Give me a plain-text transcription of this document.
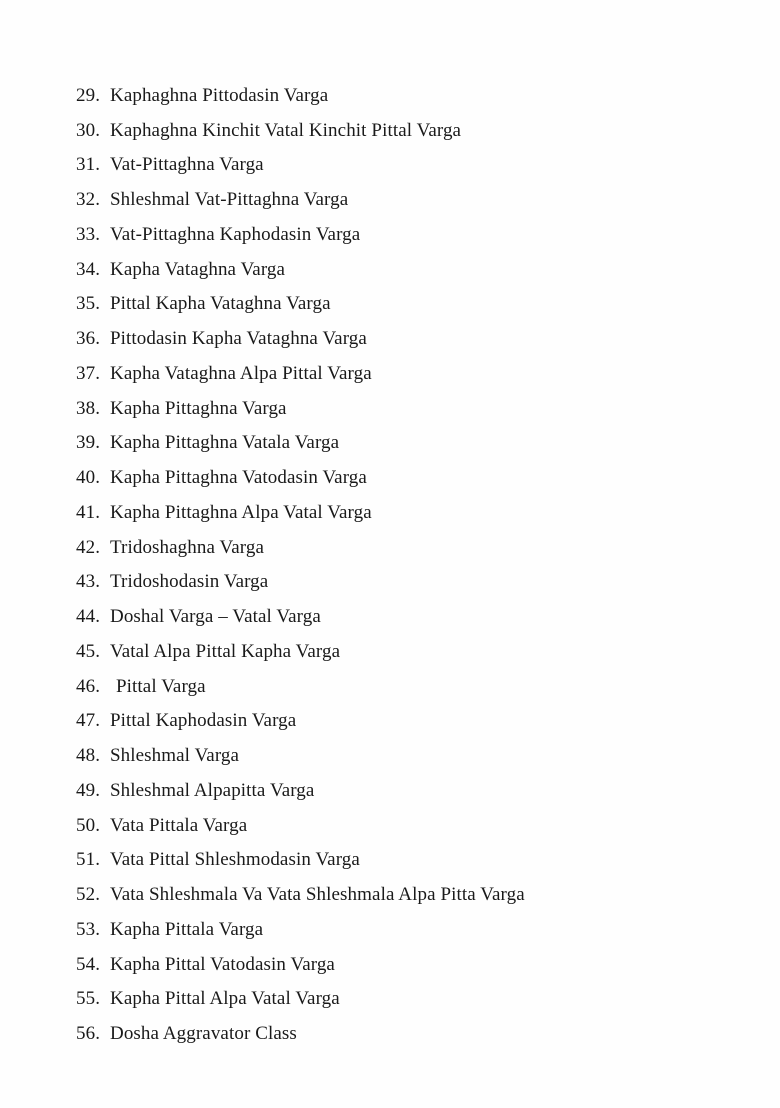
29. Kaphaghna Pittodasin Varga
30. Kaphaghna Kinchit Vatal Kinchit Pittal Varga
31. Vat-Pittaghna Varga
32. Shleshmal Vat-Pittaghna Varga
33. Vat-Pittaghna Kaphodasin Varga
34. Kapha Vataghna Varga
35. Pittal Kapha Vataghna Varga
36. Pittodasin Kapha Vataghna Varga
37. Kapha Vataghna Alpa Pittal Varga
38. Kapha Pittaghna Varga
39. Kapha Pittaghna Vatala Varga
40. Kapha Pittaghna Vatodasin Varga
41. Kapha Pittaghna Alpa Vatal Varga
42. Tridoshaghna Varga
43. Tridoshodasin Varga
44. Doshal Varga – Vatal Varga
45. Vatal Alpa Pittal Kapha Varga
46. Pittal Varga
47. Pittal Kaphodasin Varga
48. Shleshmal Varga
49. Shleshmal Alpapitta Varga
50. Vata Pittala Varga
51. Vata Pittal Shleshmodasin Varga
52. Vata Shleshmala Va Vata Shleshmala Alpa Pitta Varga
53. Kapha Pittala Varga
54. Kapha Pittal Vatodasin Varga
55. Kapha Pittal Alpa Vatal Varga
56. Dosha Aggravator Class
